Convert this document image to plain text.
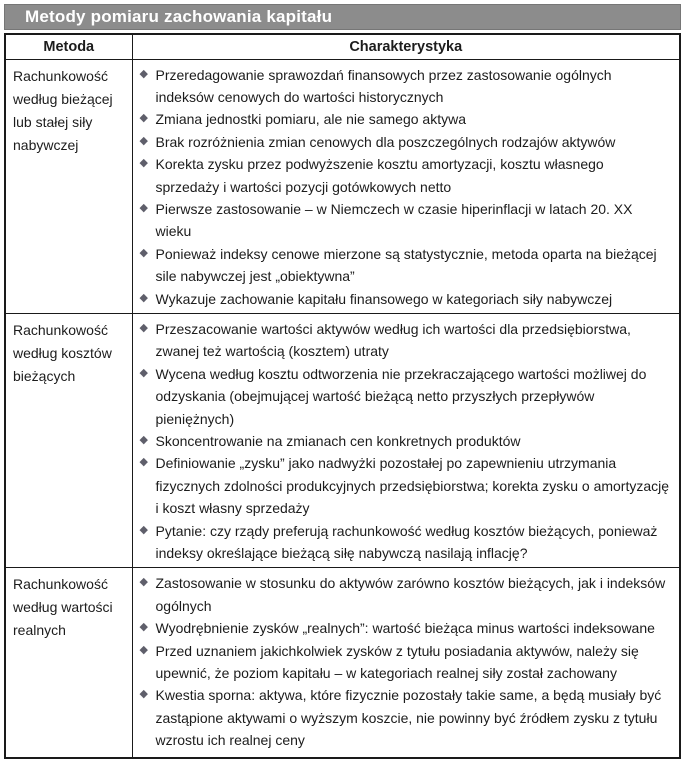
Metody pomiaru zachowania kapitału
Metoda	Charakterystyka
Rachunkowość według bieżącej lub stałej siły nabywczej	
◆ Przeredagowanie sprawozdań finansowych przez zastosowanie ogólnych indeksów cenowych do wartości historycznych
◆ Zmiana jednostki pomiaru, ale nie samego aktywa
◆ Brak rozróżnienia zmian cenowych dla poszczególnych rodzajów aktywów
◆ Korekta zysku przez podwyższenie kosztu amortyzacji, kosztu własnego sprzedaży i wartości pozycji gotówkowych netto
◆ Pierwsze zastosowanie – w Niemczech w czasie hiperinflacji w latach 20. XX wieku
◆ Ponieważ indeksy cenowe mierzone są statystycznie, metoda oparta na bieżącej sile nabywczej jest „obiektywna”
◆ Wykazuje zachowanie kapitału finansowego w kategoriach siły nabywczej

Rachunkowość według kosztów bieżących	
◆ Przeszacowanie wartości aktywów według ich wartości dla przedsiębiorstwa, zwanej też wartością (kosztem) utraty
◆ Wycena według kosztu odtworzenia nie przekraczającego wartości możliwej do odzyskania (obejmującej wartość bieżącą netto przyszłych przepływów pieniężnych)
◆ Skoncentrowanie na zmianach cen konkretnych produktów
◆ Definiowanie „zysku” jako nadwyżki pozostałej po zapewnieniu utrzymania fizycznych zdolności produkcyjnych przedsiębiorstwa; korekta zysku o amortyzację i koszt własny sprzedaży
◆ Pytanie: czy rządy preferują rachunkowość według kosztów bieżących, ponieważ indeksy określające bieżącą siłę nabywczą nasilają inflację?

Rachunkowość według wartości realnych	
◆ Zastosowanie w stosunku do aktywów zarówno kosztów bieżących, jak i indeksów ogólnych
◆ Wyodrębnienie zysków „realnych”: wartość bieżąca minus wartości indeksowane
◆ Przed uznaniem jakichkolwiek zysków z tytułu posiadania aktywów, należy się upewnić, że poziom kapitału – w kategoriach realnej siły został zachowany
◆ Kwestia sporna: aktywa, które fizycznie pozostały takie same, a będą musiały być zastąpione aktywami o wyższym koszcie, nie powinny być źródłem zysku z tytułu wzrostu ich realnej ceny
